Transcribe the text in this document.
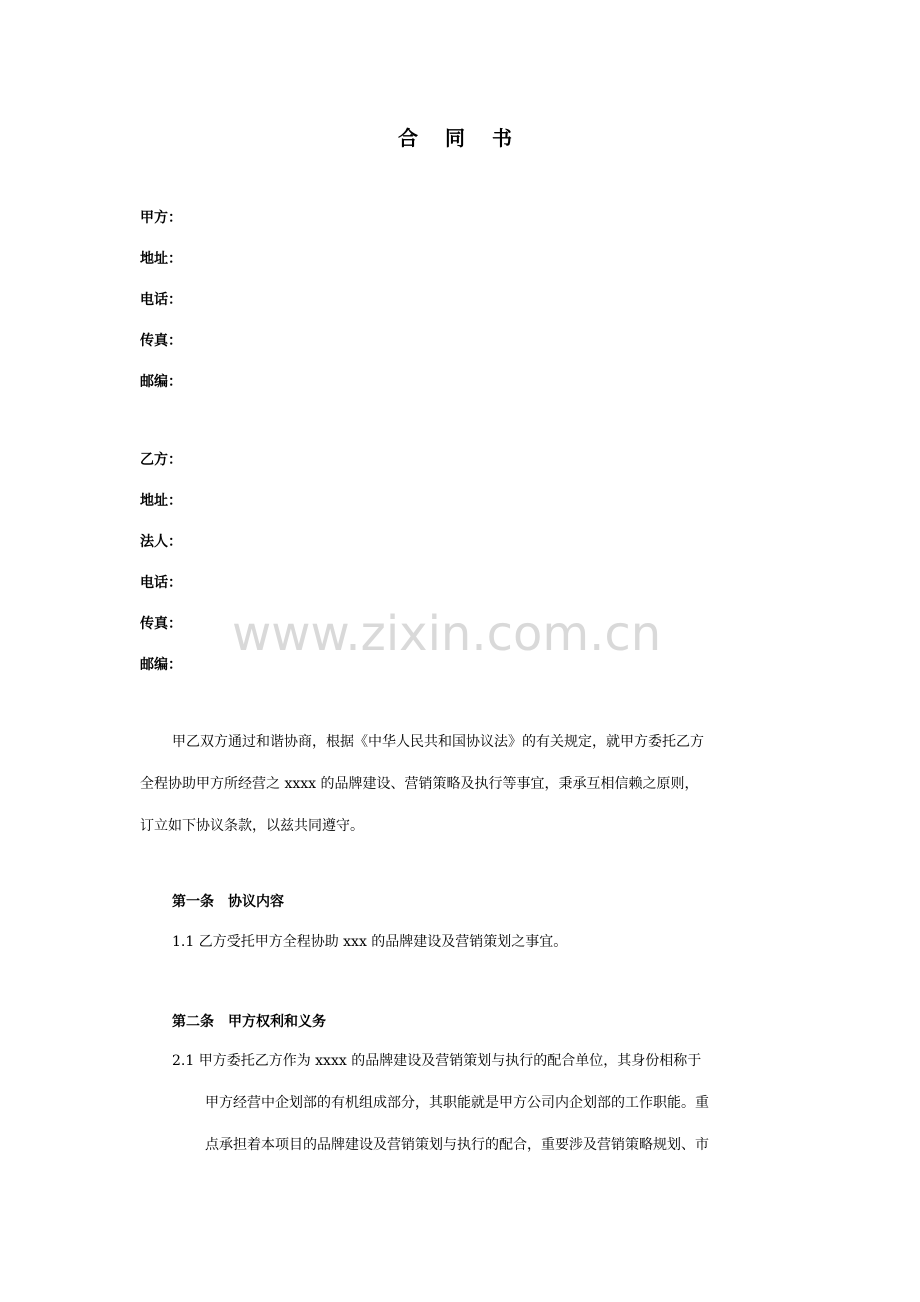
合 同 书
甲方：
地址：
电话：
传真：
邮编：
乙方：
地址：
法人：
电话：
传真：
邮编：
www.zixin.com.cn
甲乙双方通过和谐协商，根据《中华人民共和国协议法》的有关规定，就甲方委托乙方
全程协助甲方所经营之 xxxx 的品牌建设、营销策略及执行等事宜，秉承互相信赖之原则，
订立如下协议条款，以兹共同遵守。
第一条　协议内容
1.1 乙方受托甲方全程协助 xxx 的品牌建设及营销策划之事宜。
第二条　甲方权利和义务
2.1 甲方委托乙方作为 xxxx 的品牌建设及营销策划与执行的配合单位，其身份相称于
甲方经营中企划部的有机组成部分，其职能就是甲方公司内企划部的工作职能。重
点承担着本项目的品牌建设及营销策划与执行的配合，重要涉及营销策略规划、市
